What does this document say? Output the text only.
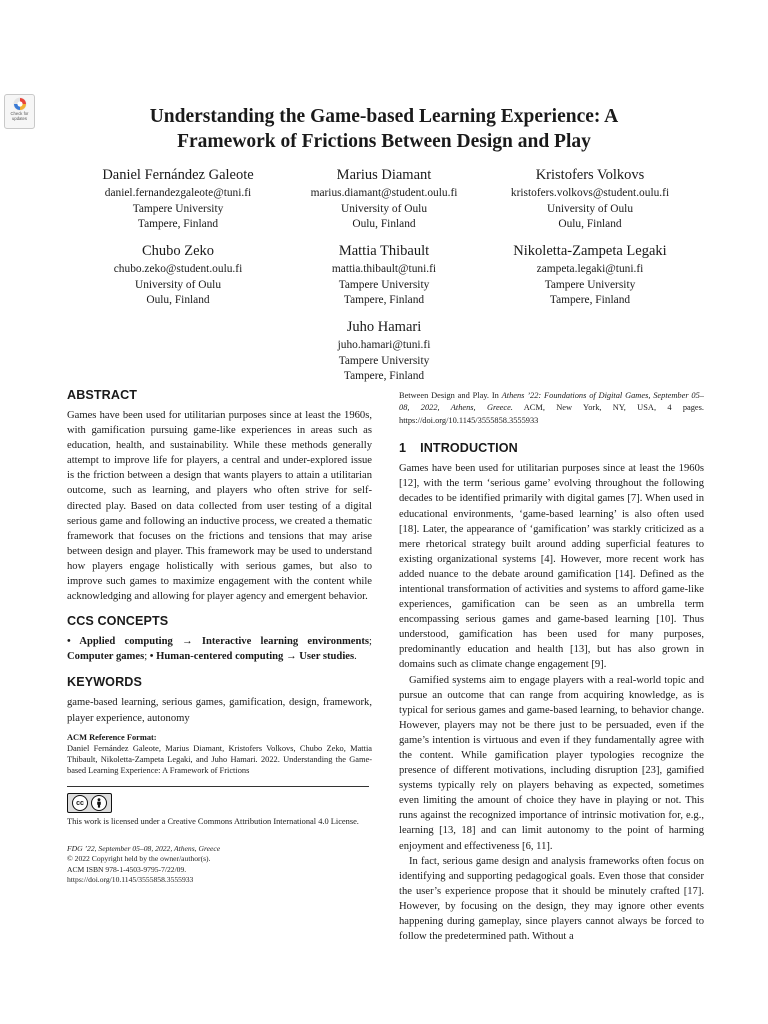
Check for updates	Understanding the Game-based Learning Experience: A
Framework of Frictions Between Design and Play
Daniel Fernández Galeote
daniel.fernandezgaleote@tuni.fi
Tampere University
Tampere, Finland
Marius Diamant
marius.diamant@student.oulu.fi
University of Oulu
Oulu, Finland
Kristofers Volkovs
kristofers.volkovs@student.oulu.fi
University of Oulu
Oulu, Finland
Chubo Zeko
chubo.zeko@student.oulu.fi
University of Oulu
Oulu, Finland
Mattia Thibault
mattia.thibault@tuni.fi
Tampere University
Tampere, Finland
Nikoletta-Zampeta Legaki
zampeta.legaki@tuni.fi
Tampere University
Tampere, Finland
Juho Hamari
juho.hamari@tuni.fi
Tampere University
Tampere, Finland
ABSTRACT

Games have been used for utilitarian purposes since at least the 1960s, with gamification pursuing game-like experiences in areas such as education, health, and sustainability. While these methods generally attempt to improve life for players, a central and under-explored issue is the friction between a design that wants players to attain a utilitarian outcome, such as learning, and players who often strive for self-directed play. Based on data collected from user testing of a digital serious game and following an inductive process, we created a thematic framework that focuses on the frictions and tensions that may arise between design and player. This framework may be used to understand how players engage holistically with serious games, but also to improve such games to maximize engagement with the content while acknowledging and allowing for player agency and emergent behavior.

CCS CONCEPTS

• Applied computing → Interactive learning environments; Computer games; • Human-centered computing → User studies.

KEYWORDS

game-based learning, serious games, gamification, design, framework, player experience, autonomy

ACM Reference Format:
Daniel Fernández Galeote, Marius Diamant, Kristofers Volkovs, Chubo Zeko, Mattia Thibault, Nikoletta-Zampeta Legaki, and Juho Hamari. 2022. Understanding the Game-based Learning Experience: A Framework of Frictions
cc
This work is licensed under a Creative Commons Attribution International 4.0 License.
FDG ’22, September 05–08, 2022, Athens, Greece
© 2022 Copyright held by the owner/author(s).
ACM ISBN 978-1-4503-9795-7/22/09.
https://doi.org/10.1145/3555858.3555933
Between Design and Play. In Athens ’22: Foundations of Digital Games, September 05–08, 2022, Athens, Greece. ACM, New York, NY, USA, 4 pages. https://doi.org/10.1145/3555858.3555933
1 INTRODUCTION

Games have been used for utilitarian purposes since at least the 1960s [12], with the term ‘serious game’ evolving throughout the following decades to be identified primarily with digital games [7]. When used in educational environments, ‘game-based learning’ is also often used [18]. Later, the appearance of ‘gamification’ was starkly criticized as a mere rhetorical strategy built around adding superficial features to existing organizational systems [4]. However, more recent work has added nuance to the debate around gamification [14]. Defined as the intentional transformation of activities and systems to afford game-like experiences, gamification can be seen as an umbrella term encompassing serious games and game-based learning [10]. Thus understood, gamification has been used for many purposes, predominantly education and health [13], but has also grown in domains such as climate change engagement [9].

Gamified systems aim to engage players with a real-world topic and pursue an outcome that can range from acquiring knowledge, as is typical for serious games and game-based learning, to behavior change. However, players may not be there just to be persuaded, even if the game’s intention is virtuous and even if they fundamentally agree with the content. While gamification player typologies recognize the presence of different motivations, including disruption [23], gamified systems typically rely on players behaving as expected, sometimes even limiting the amount of choice they have in playing or not. This runs against the recognized importance of intrinsic motivation for, e.g., learning [13, 18] and can limit autonomy to the point of harming enjoyment and effectiveness [6, 11].

In fact, serious game design and analysis frameworks often focus on identifying and supporting pedagogical goals. Even those that consider the user’s experience propose that it should be minutely crafted [17]. However, by focusing on the design, they may ignore other events happening during gameplay, since players cannot always be forced to follow the predetermined path. Without a
